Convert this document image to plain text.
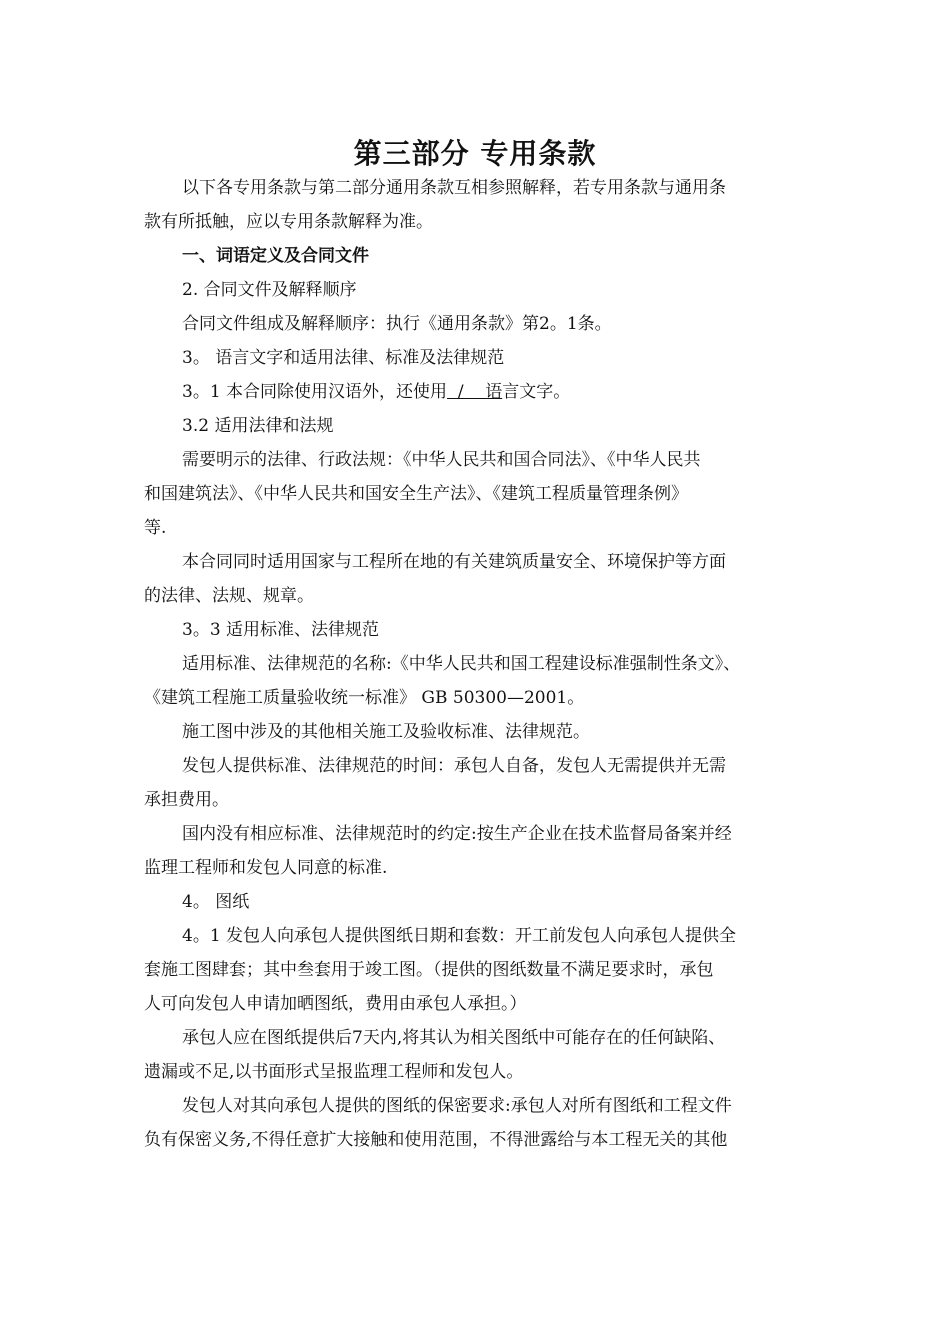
第三部分 专用条款

以下各专用条款与第二部分通用条款互相参照解释，若专用条款与通用条

款有所抵触，应以专用条款解释为准。

一、词语定义及合同文件

2. 合同文件及解释顺序

合同文件组成及解释顺序：执行《通用条款》第2。1条。

3。 语言文字和适用法律、标准及法律规范

3。1 本合同除使用汉语外，还使用  /    语言文字。

3.2 适用法律和法规

需要明示的法律、行政法规：《中华人民共和国合同法》、《中华人民共

和国建筑法》、《中华人民共和国安全生产法》、《建筑工程质量管理条例》

等.

本合同同时适用国家与工程所在地的有关建筑质量安全、环境保护等方面

的法律、法规、规章。

3。3 适用标准、法律规范

适用标准、法律规范的名称:《中华人民共和国工程建设标准强制性条文》、

《建筑工程施工质量验收统一标准》 GB 50300—2001。

施工图中涉及的其他相关施工及验收标准、法律规范。

发包人提供标准、法律规范的时间：承包人自备，发包人无需提供并无需

承担费用。

国内没有相应标准、法律规范时的约定:按生产企业在技术监督局备案并经

监理工程师和发包人同意的标准.

4。 图纸

4。1 发包人向承包人提供图纸日期和套数：开工前发包人向承包人提供全

套施工图肆套；其中叁套用于竣工图。（提供的图纸数量不满足要求时，承包

人可向发包人申请加晒图纸，费用由承包人承担。）

承包人应在图纸提供后7天内,将其认为相关图纸中可能存在的任何缺陷、

遗漏或不足,以书面形式呈报监理工程师和发包人。

发包人对其向承包人提供的图纸的保密要求:承包人对所有图纸和工程文件

负有保密义务,不得任意扩大接触和使用范围，不得泄露给与本工程无关的其他
